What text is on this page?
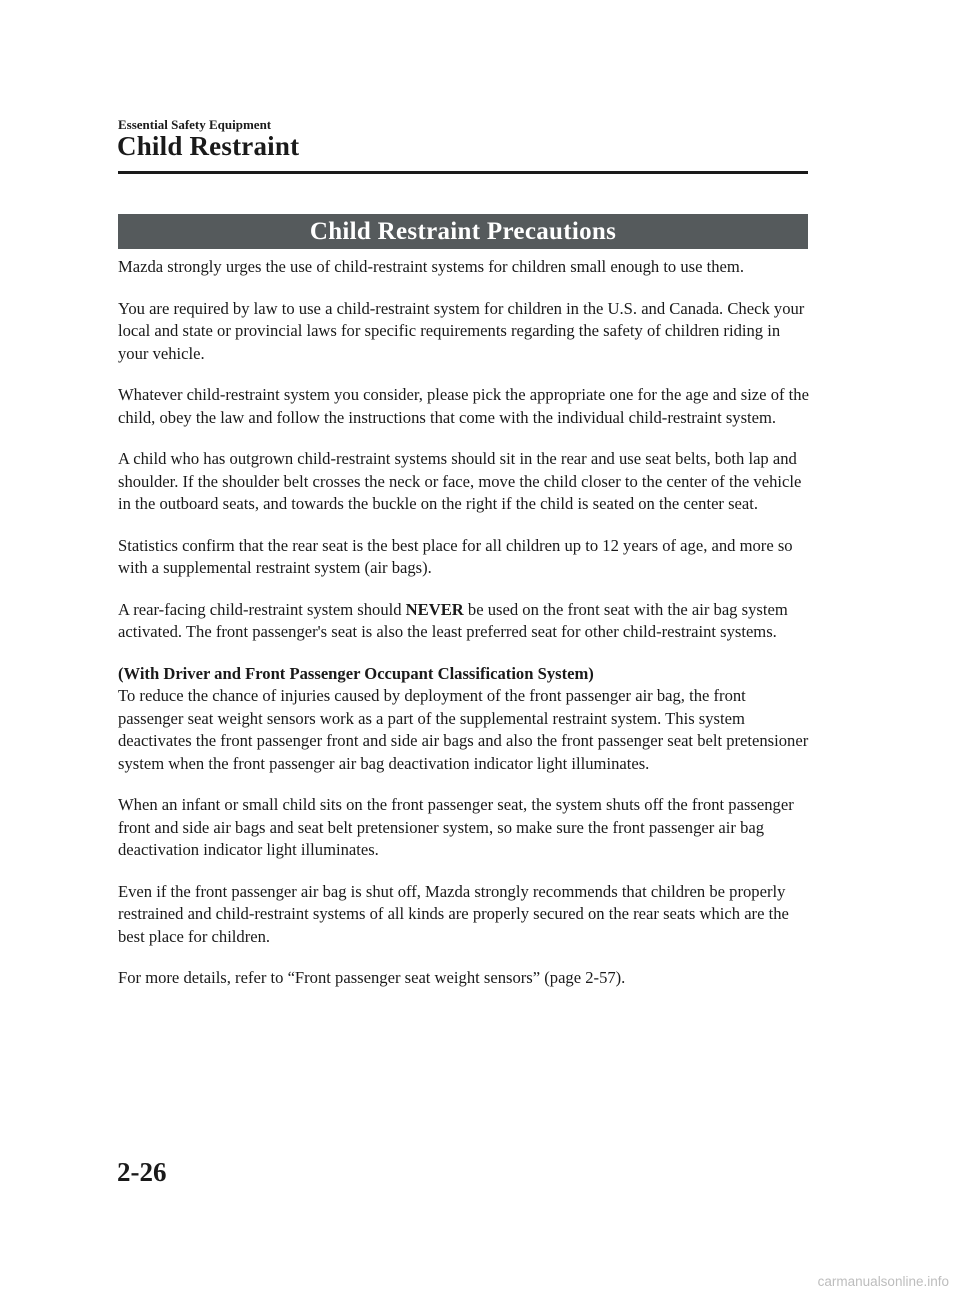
Essential Safety Equipment
Child Restraint
Child Restraint Precautions

Mazda strongly urges the use of child-restraint systems for children small enough to use them.

You are required by law to use a child-restraint system for children in the U.S. and Canada. Check your local and state or provincial laws for specific requirements regarding the safety of children riding in your vehicle.

Whatever child-restraint system you consider, please pick the appropriate one for the age and size of the child, obey the law and follow the instructions that come with the individual child-restraint system.

A child who has outgrown child-restraint systems should sit in the rear and use seat belts, both lap and shoulder. If the shoulder belt crosses the neck or face, move the child closer to the center of the vehicle in the outboard seats, and towards the buckle on the right if the child is seated on the center seat.

Statistics confirm that the rear seat is the best place for all children up to 12 years of age, and more so with a supplemental restraint system (air bags).

A rear-facing child-restraint system should NEVER be used on the front seat with the air bag system activated. The front passenger's seat is also the least preferred seat for other child-restraint systems.

(With Driver and Front Passenger Occupant Classification System)

To reduce the chance of injuries caused by deployment of the front passenger air bag, the front passenger seat weight sensors work as a part of the supplemental restraint system. This system deactivates the front passenger front and side air bags and also the front passenger seat belt pretensioner system when the front passenger air bag deactivation indicator light illuminates.

When an infant or small child sits on the front passenger seat, the system shuts off the front passenger front and side air bags and seat belt pretensioner system, so make sure the front passenger air bag deactivation indicator light illuminates.

Even if the front passenger air bag is shut off, Mazda strongly recommends that children be properly restrained and child-restraint systems of all kinds are properly secured on the rear seats which are the best place for children.

For more details, refer to “Front passenger seat weight sensors” (page 2-57).

2-26
carmanualsonline.info
